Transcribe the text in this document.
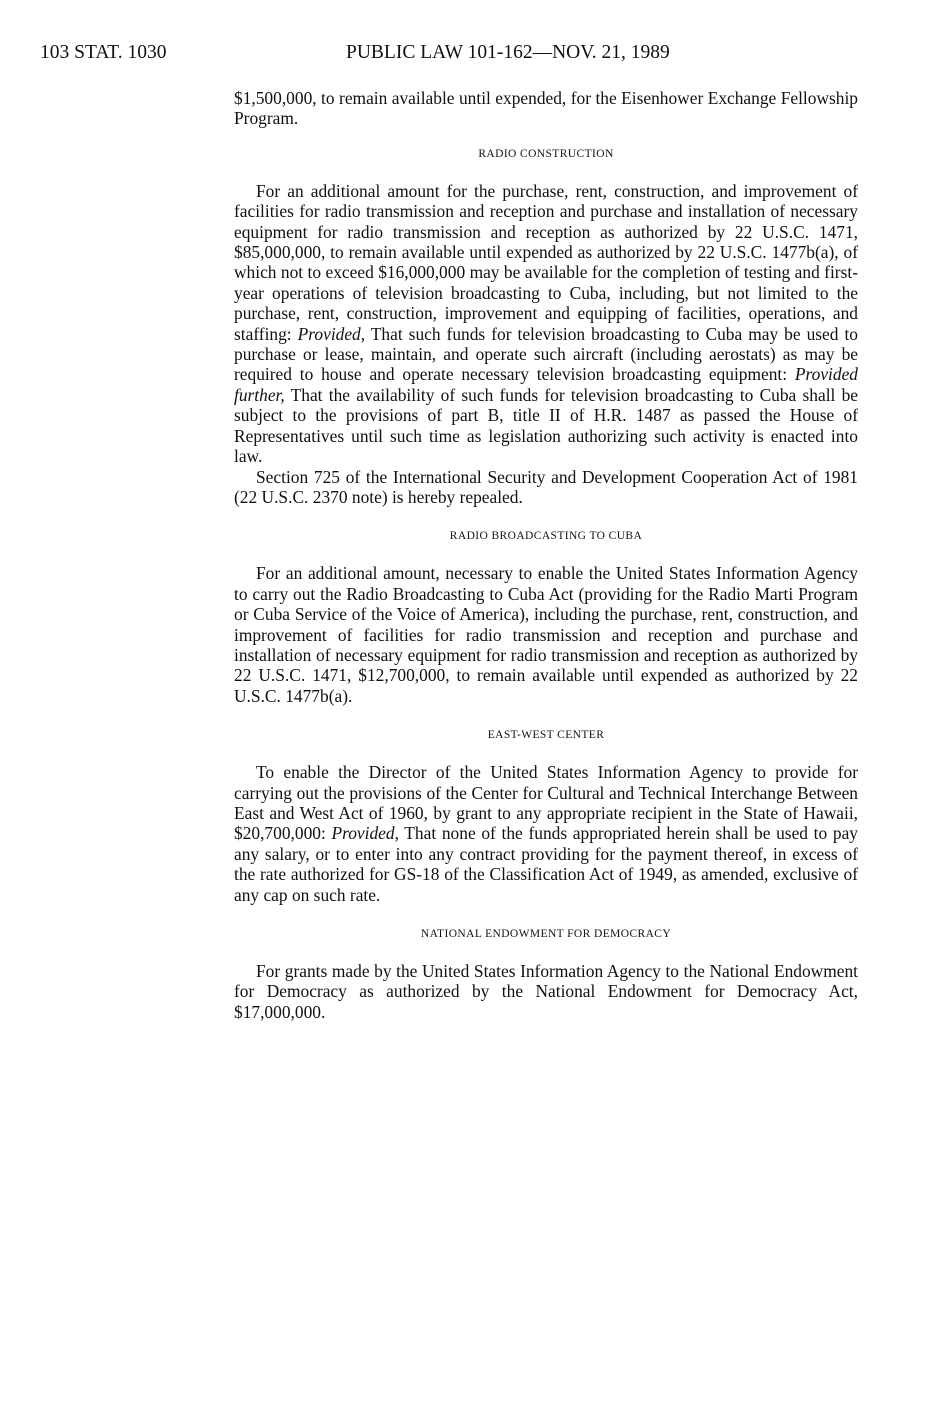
103 STAT. 1030	PUBLIC LAW 101-162—NOV. 21, 1989

$1,500,000, to remain available until expended, for the Eisenhower Exchange Fellowship Program.

RADIO CONSTRUCTION

For an additional amount for the purchase, rent, construction, and improvement of facilities for radio transmission and reception and purchase and installation of necessary equipment for radio transmission and reception as authorized by 22 U.S.C. 1471, $85,000,000, to remain available until expended as authorized by 22 U.S.C. 1477b(a), of which not to exceed $16,000,000 may be available for the completion of testing and first-year operations of television broadcasting to Cuba, including, but not limited to the purchase, rent, construction, improvement and equipping of facilities, operations, and staffing: Provided, That such funds for television broadcasting to Cuba may be used to purchase or lease, maintain, and operate such aircraft (including aerostats) as may be required to house and operate necessary television broadcasting equipment: Provided further, That the availability of such funds for television broadcasting to Cuba shall be subject to the provisions of part B, title II of H.R. 1487 as passed the House of Representatives until such time as legislation authorizing such activity is enacted into law.

Section 725 of the International Security and Development Cooperation Act of 1981 (22 U.S.C. 2370 note) is hereby repealed.

RADIO BROADCASTING TO CUBA

For an additional amount, necessary to enable the United States Information Agency to carry out the Radio Broadcasting to Cuba Act (providing for the Radio Marti Program or Cuba Service of the Voice of America), including the purchase, rent, construction, and improvement of facilities for radio transmission and reception and purchase and installation of necessary equipment for radio transmission and reception as authorized by 22 U.S.C. 1471, $12,700,000, to remain available until expended as authorized by 22 U.S.C. 1477b(a).

EAST-WEST CENTER

To enable the Director of the United States Information Agency to provide for carrying out the provisions of the Center for Cultural and Technical Interchange Between East and West Act of 1960, by grant to any appropriate recipient in the State of Hawaii, $20,700,000: Provided, That none of the funds appropriated herein shall be used to pay any salary, or to enter into any contract providing for the payment thereof, in excess of the rate authorized for GS-18 of the Classification Act of 1949, as amended, exclusive of any cap on such rate.

NATIONAL ENDOWMENT FOR DEMOCRACY

For grants made by the United States Information Agency to the National Endowment for Democracy as authorized by the National Endowment for Democracy Act, $17,000,000.
